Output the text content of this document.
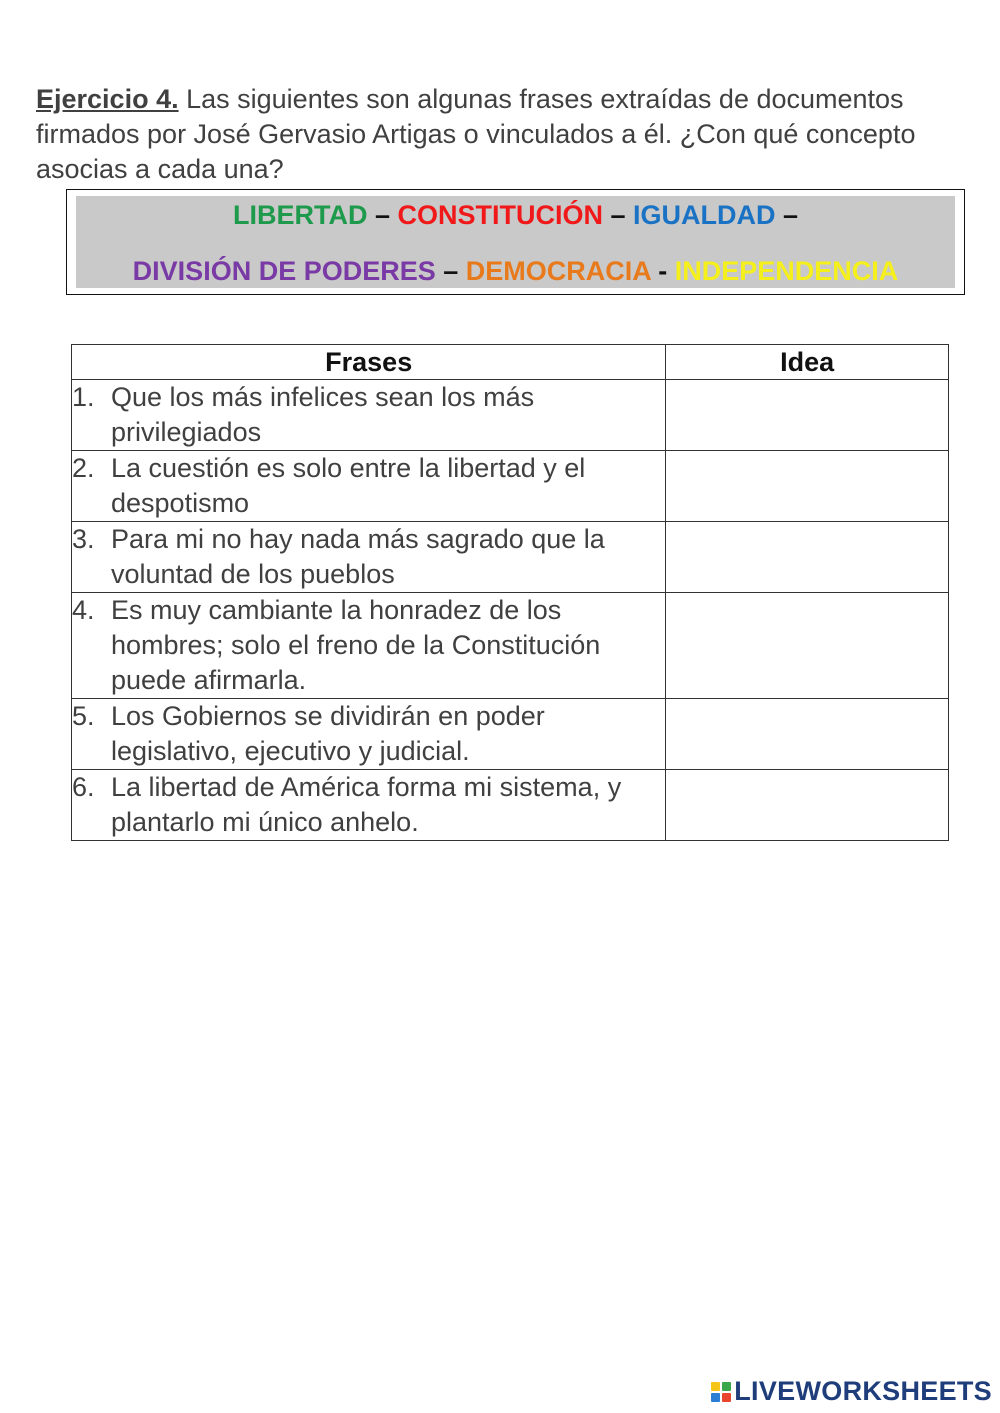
Ejercicio 4. Las siguientes son algunas frases extraídas de documentos firmados por José Gervasio Artigas o vinculados a él. ¿Con qué concepto asocias a cada una?

LIBERTAD – CONSTITUCIÓN – IGUALDAD –
DIVISIÓN DE PODERES – DEMOCRACIA - INDEPENDENCIA
Frases	Idea

1. Que los más infelices sean los más privilegiados	

2. La cuestión es solo entre la libertad y el despotismo	

3. Para mi no hay nada más sagrado que la voluntad de los pueblos	

4. Es muy cambiante la honradez de los hombres; solo el freno de la Constitución puede afirmarla.	

5. Los Gobiernos se dividirán en poder legislativo, ejecutivo y judicial.	

6. La libertad de América forma mi sistema, y plantarlo mi único anhelo.	

LIVEWORKSHEETS
